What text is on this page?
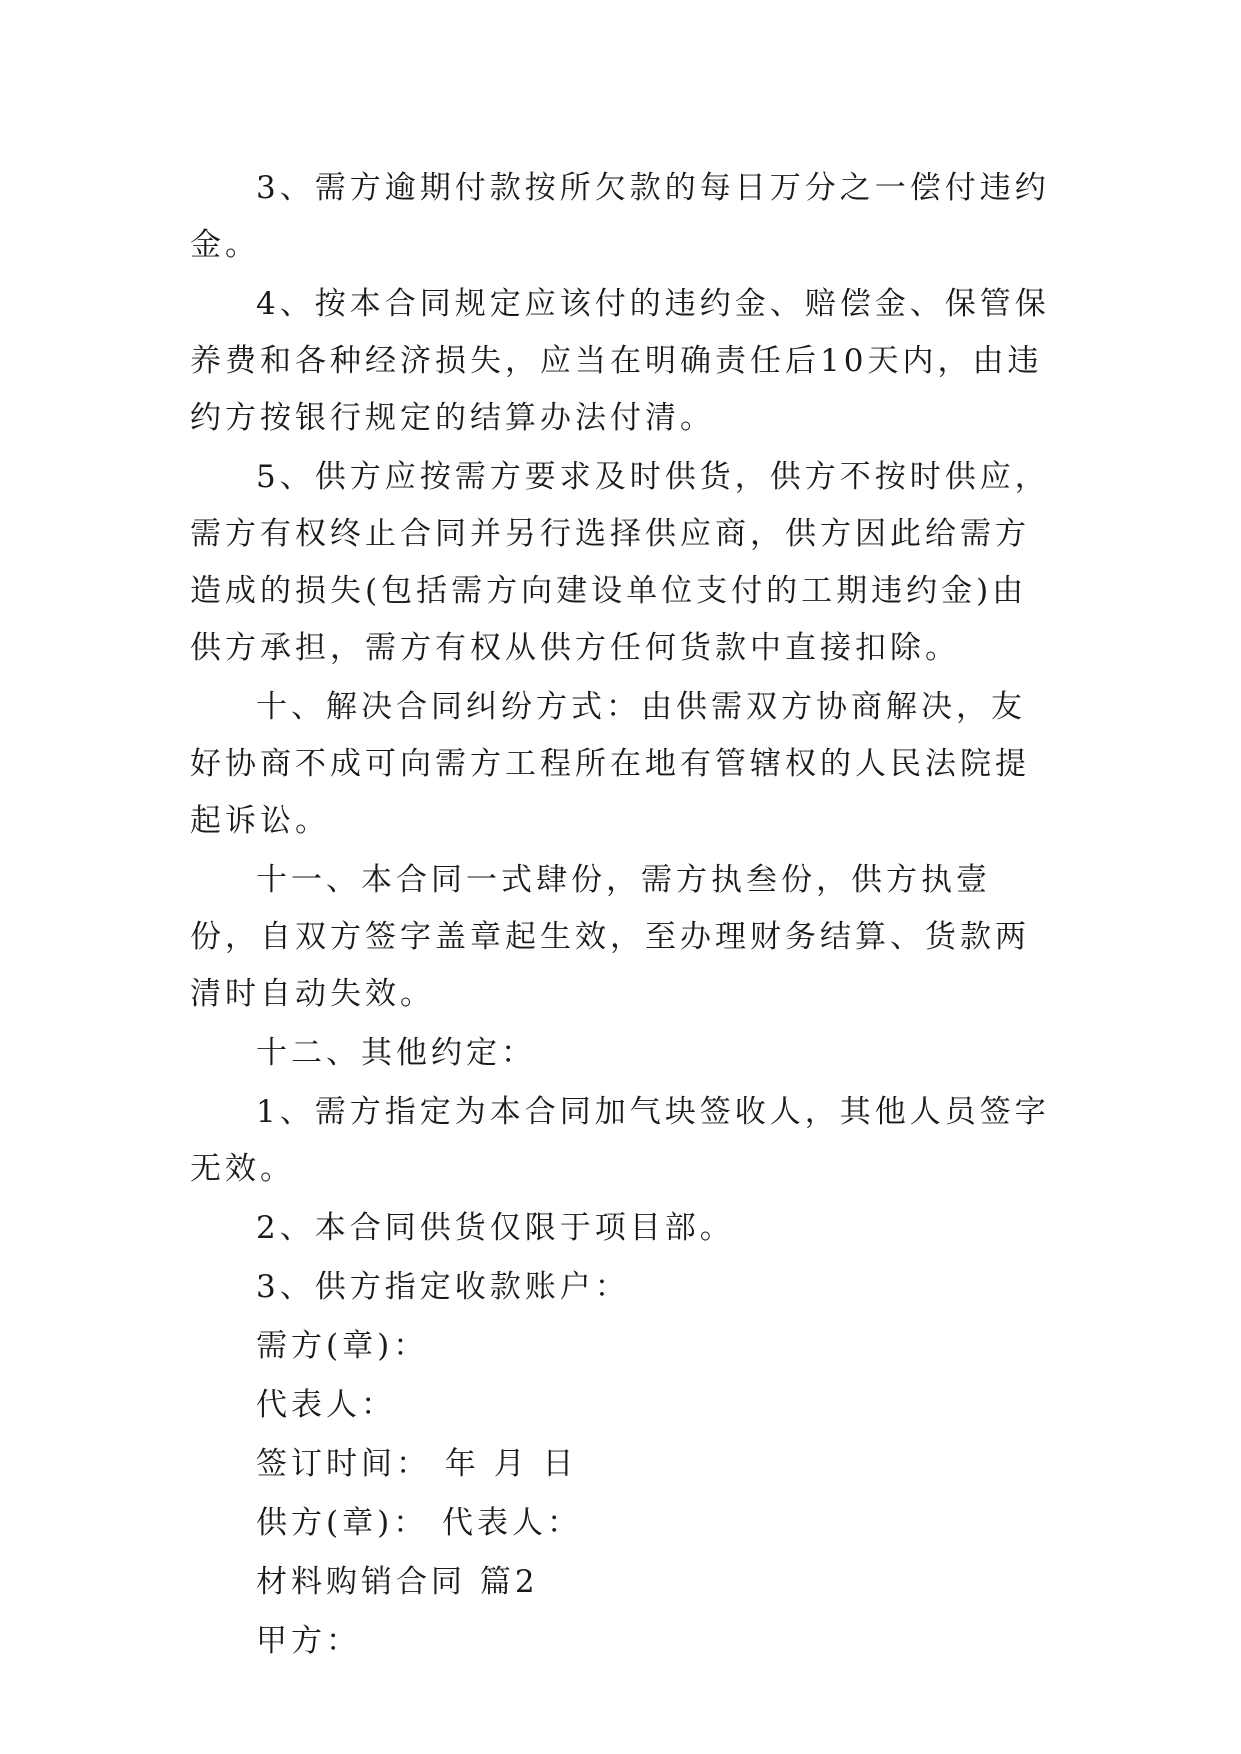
3、需方逾期付款按所欠款的每日万分之一偿付违约金。

4、按本合同规定应该付的违约金、赔偿金、保管保养费和各种经济损失，应当在明确责任后10天内，由违约方按银行规定的结算办法付清。

5、供方应按需方要求及时供货，供方不按时供应，需方有权终止合同并另行选择供应商，供方因此给需方造成的损失(包括需方向建设单位支付的工期违约金)由供方承担，需方有权从供方任何货款中直接扣除。

十、解决合同纠纷方式：由供需双方协商解决，友好协商不成可向需方工程所在地有管辖权的人民法院提起诉讼。

十一、本合同一式肆份，需方执叁份，供方执壹份，自双方签字盖章起生效，至办理财务结算、货款两清时自动失效。

十二、其他约定：

1、需方指定为本合同加气块签收人，其他人员签字无效。

2、本合同供货仅限于项目部。

3、供方指定收款账户：

需方(章)：

代表人：

签订时间： 年 月 日

供方(章)： 代表人：

材料购销合同 篇2

甲方：
